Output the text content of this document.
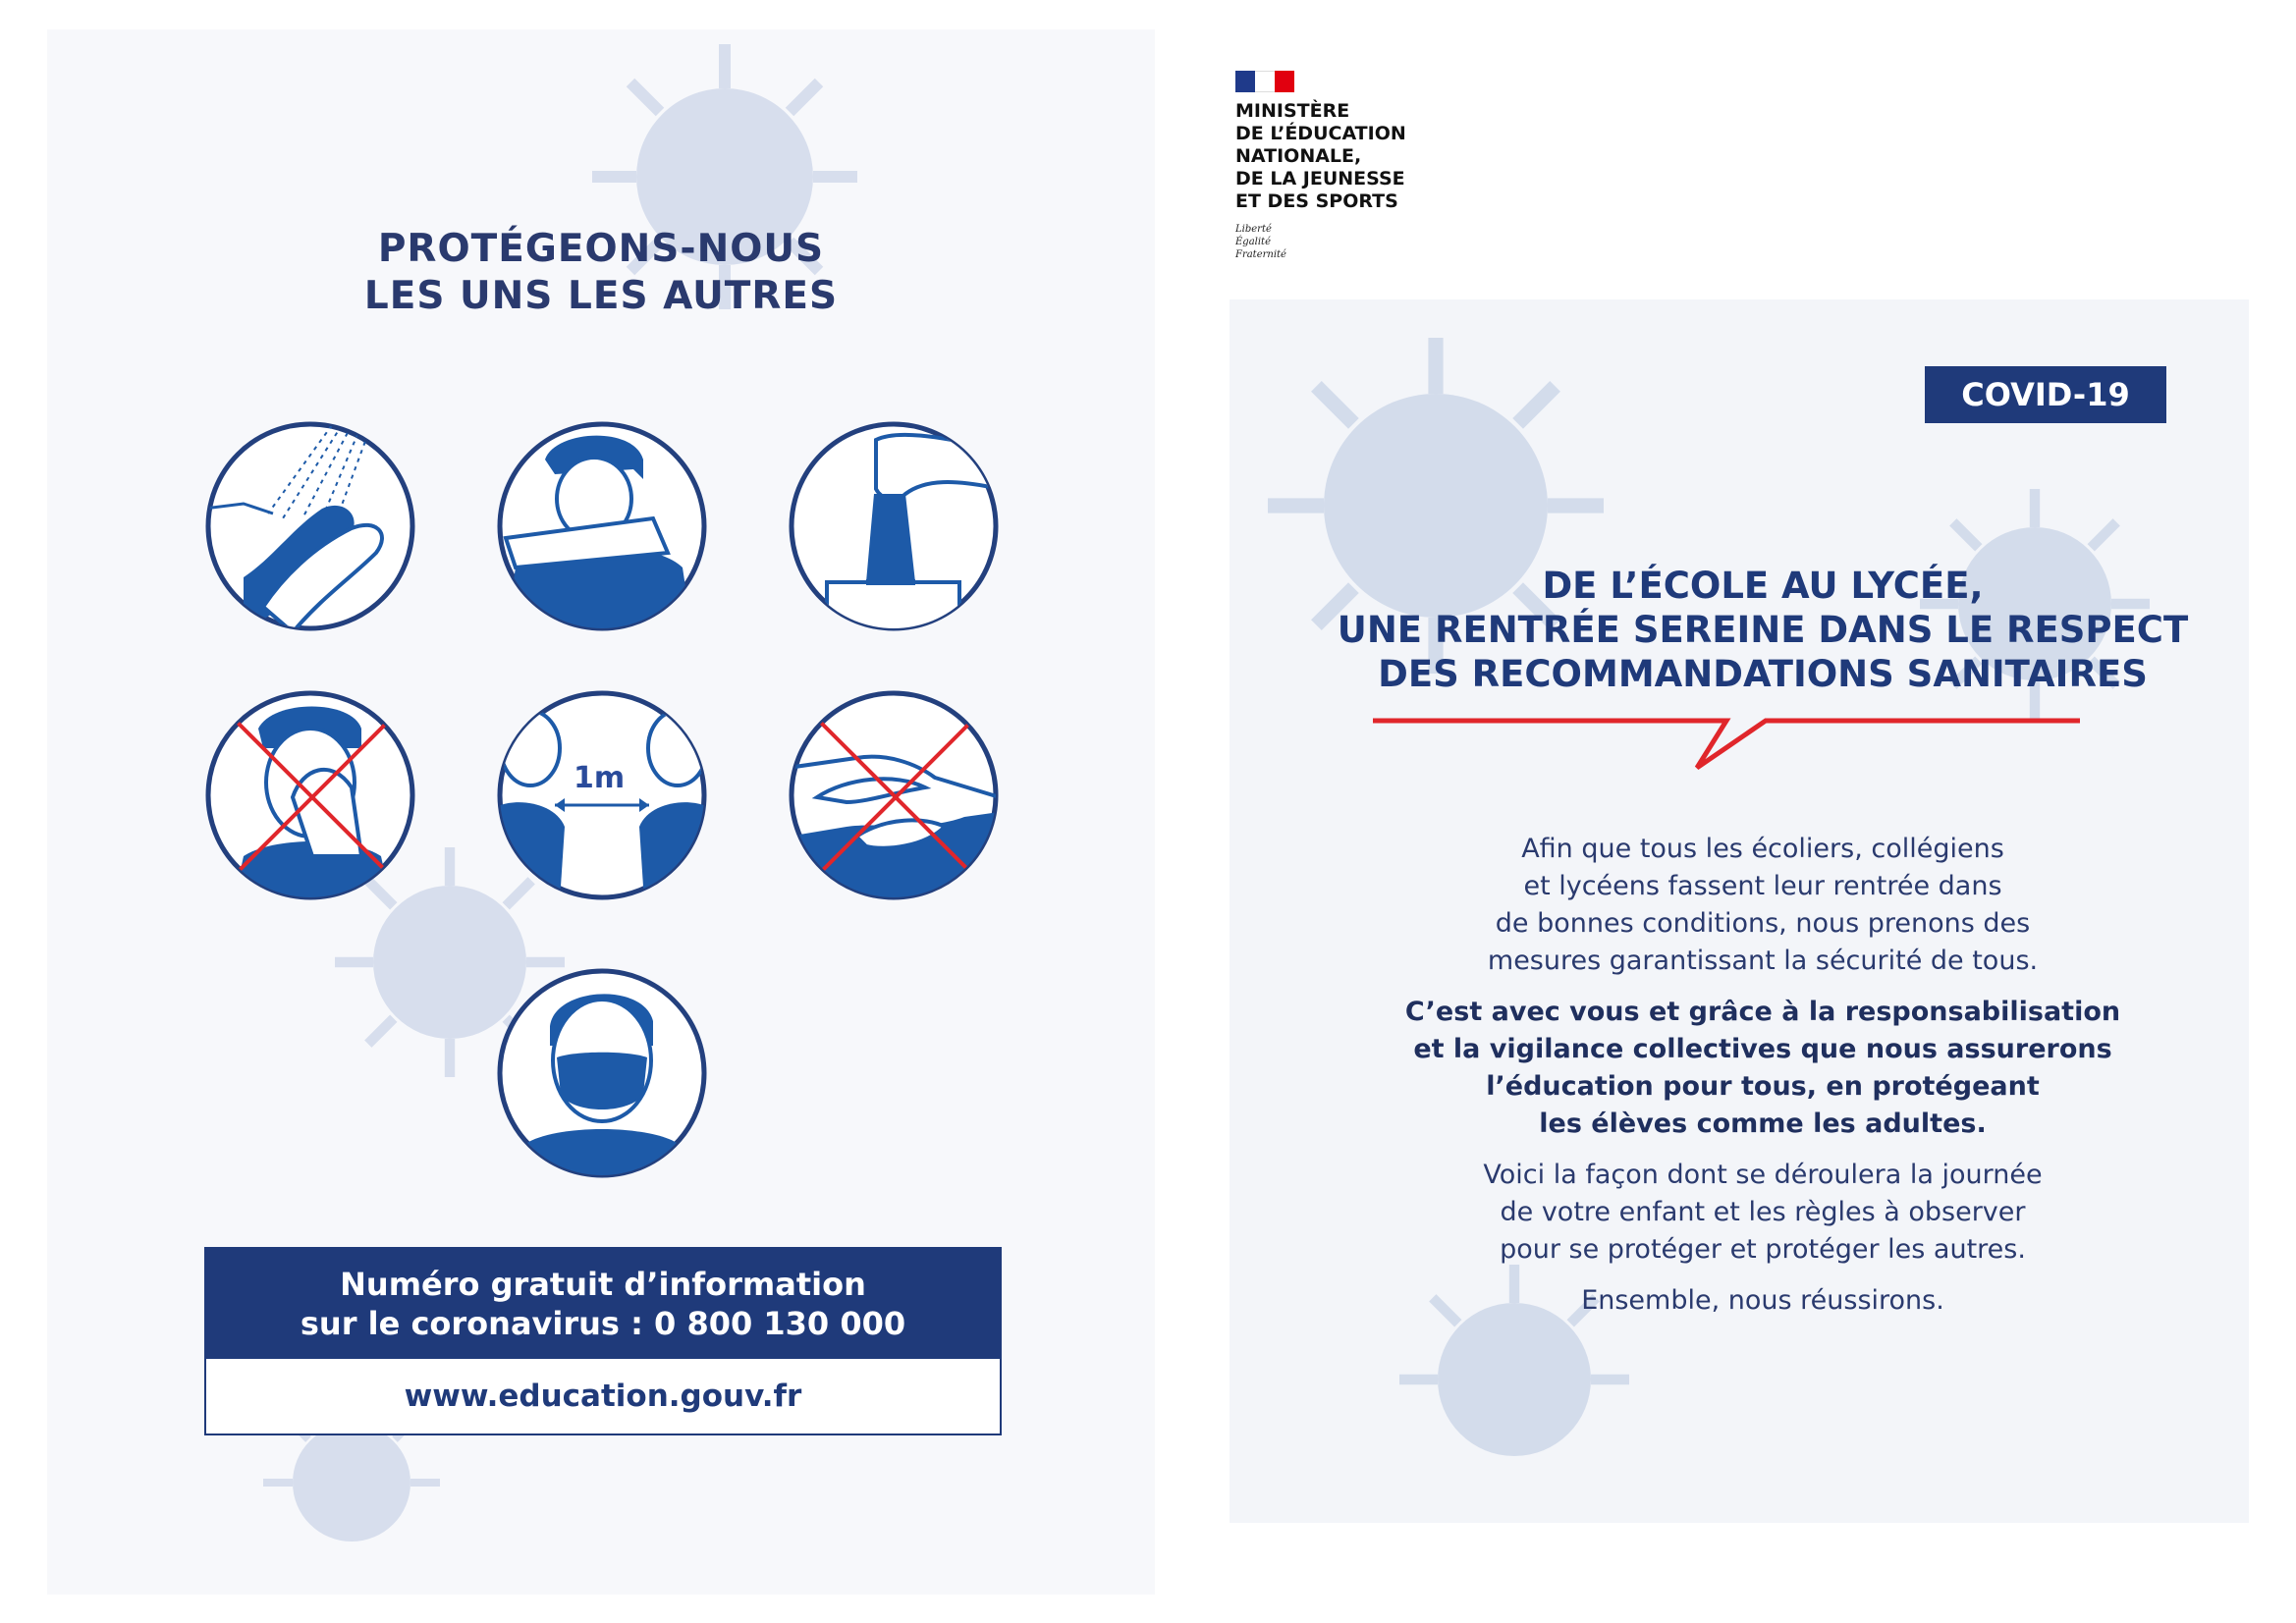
PROTÉGEONS-NOUS
LES UNS LES AUTRES
1m
Numéro gratuit d’information
sur le coronavirus : 0 800 130 000
www.education.gouv.fr
MINISTÈRE
DE L’ÉDUCATION
NATIONALE,
DE LA JEUNESSE
ET DES SPORTS
Liberté
Égalité
Fraternité
COVID-19
DE L’ÉCOLE AU LYCÉE,
UNE RENTRÉE SEREINE DANS LE RESPECT
DES RECOMMANDATIONS SANITAIRES

Afin que tous les écoliers, collégiens
et lycéens fassent leur rentrée dans
de bonnes conditions, nous prenons des
mesures garantissant la sécurité de tous.

C’est avec vous et grâce à la responsabilisation
et la vigilance collectives que nous assurerons
l’éducation pour tous, en protégeant
les élèves comme les adultes.

Voici la façon dont se déroulera la journée
de votre enfant et les règles à observer
pour se protéger et protéger les autres.

Ensemble, nous réussirons.
